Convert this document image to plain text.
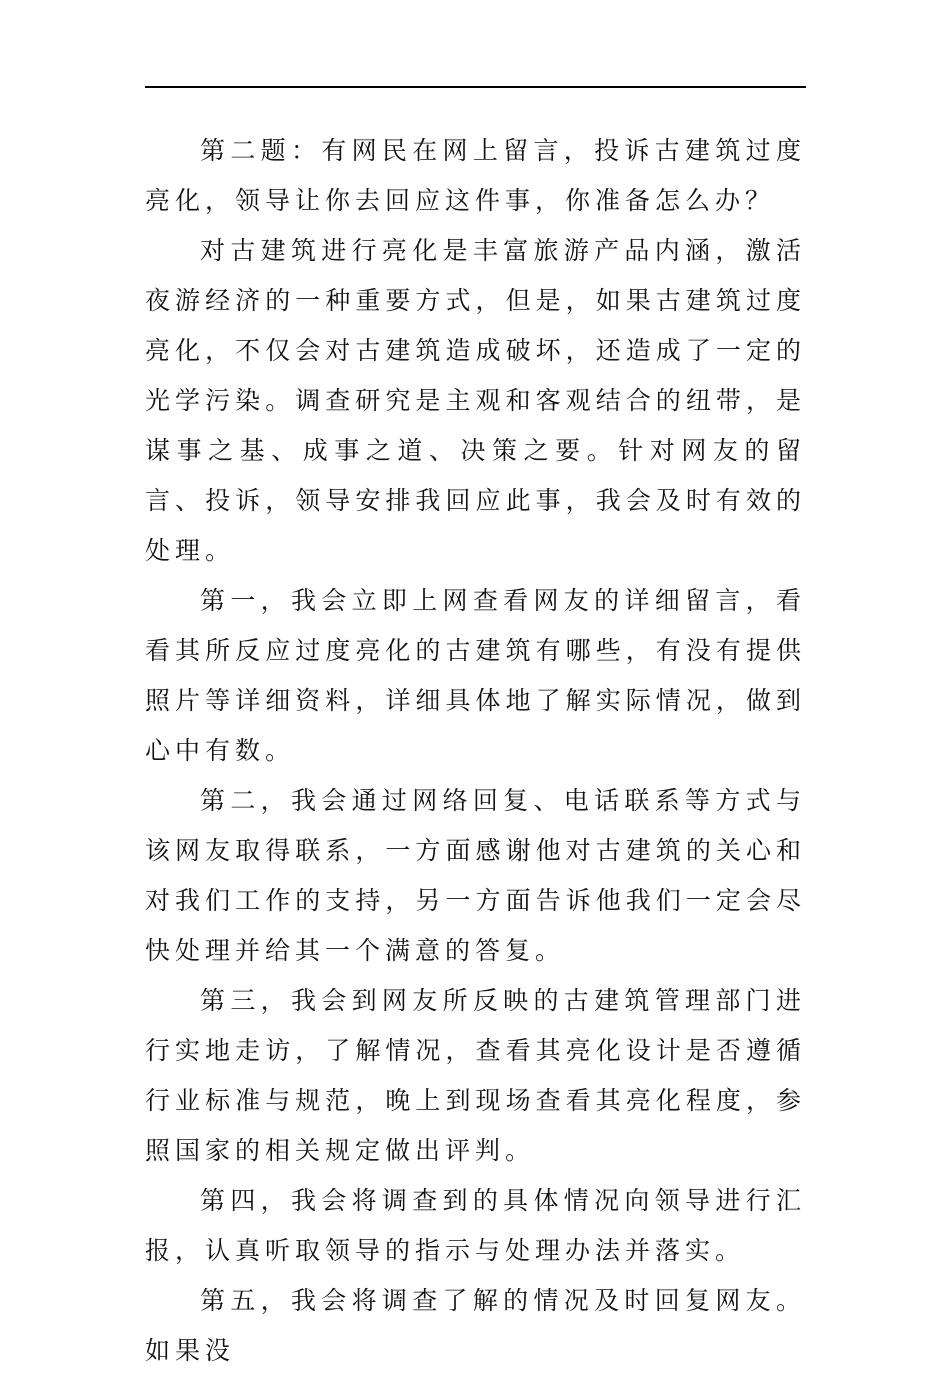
第二题：有网民在网上留言，投诉古建筑过度亮化，领导让你去回应这件事，你准备怎么办？

对古建筑进行亮化是丰富旅游产品内涵，激活夜游经济的一种重要方式，但是，如果古建筑过度亮化，不仅会对古建筑造成破坏，还造成了一定的光学污染。调查研究是主观和客观结合的纽带，是谋事之基、成事之道、决策之要。针对网友的留言、投诉，领导安排我回应此事，我会及时有效的处理。

第一，我会立即上网查看网友的详细留言，看看其所反应过度亮化的古建筑有哪些，有没有提供照片等详细资料，详细具体地了解实际情况，做到心中有数。

第二，我会通过网络回复、电话联系等方式与该网友取得联系，一方面感谢他对古建筑的关心和对我们工作的支持，另一方面告诉他我们一定会尽快处理并给其一个满意的答复。

第三，我会到网友所反映的古建筑管理部门进行实地走访，了解情况，查看其亮化设计是否遵循行业标准与规范，晚上到现场查看其亮化程度，参照国家的相关规定做出评判。

第四，我会将调查到的具体情况向领导进行汇报，认真听取领导的指示与处理办法并落实。

第五，我会将调查了解的情况及时回复网友。如果没
